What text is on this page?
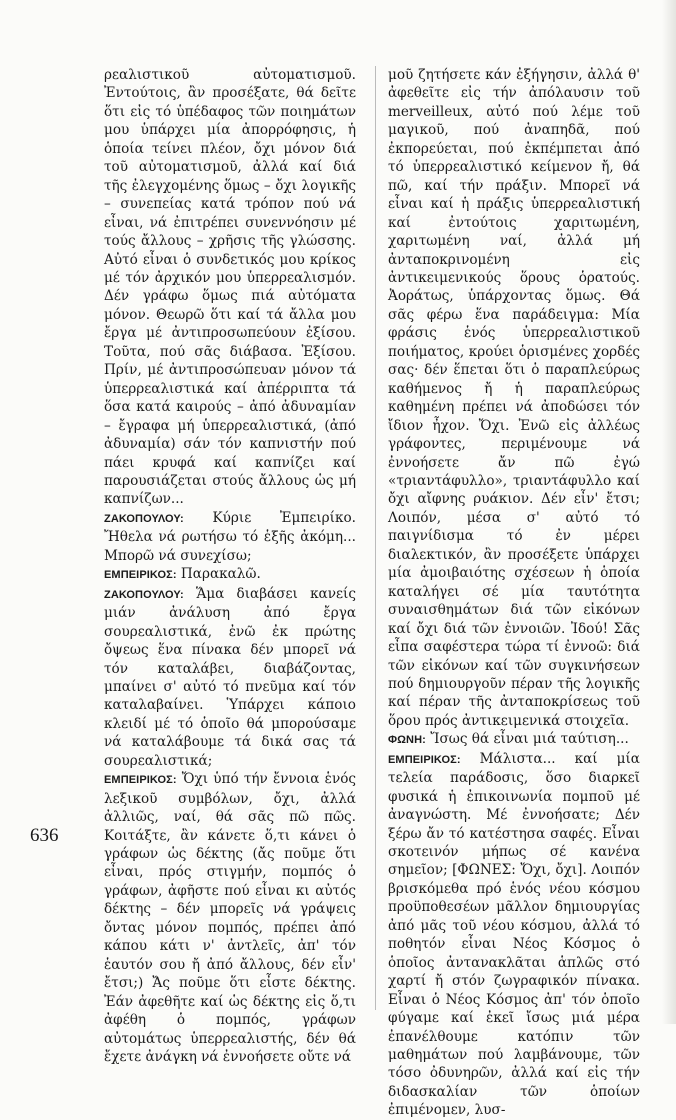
ρεαλιστικοῦ αὐτοματισμοῦ. Ἐντούτοις, ἂν προσέξατε, θά δεῖτε ὅτι εἰς τό ὑπέδαφος τῶν ποιημάτων μου ὑπάρχει μία ἀπορρόφησις, ἡ ὁποία τείνει πλέον, ὄχι μόνον διά τοῦ αὐτοματισμοῦ, ἀλλά καί διά τῆς ἐλεγχομένης ὅμως – ὄχι λογικῆς – συνεπείας κατά τρόπον πού νά εἶναι, νά ἐπιτρέπει συνεννόησιν μέ τούς ἄλλους – χρῆσις τῆς γλώσσης. Αὐτό εἶναι ὁ συνδετικός μου κρίκος μέ τόν ἀρχικόν μου ὑπερρεαλισμόν. Δέν γράφω ὅμως πιά αὐτόματα μόνον. Θεωρῶ ὅτι καί τά ἄλλα μου ἔργα μέ ἀντιπροσωπεύουν ἐξίσου. Τοῦτα, πού σᾶς διάβασα. Ἐξίσου. Πρίν, μέ ἀντιπροσώπευαν μόνον τά ὑπερρεαλιστικά καί ἀπέρριπτα τά ὅσα κατά καιρούς – ἀπό ἀδυναμίαν – ἔγραφα μή ὑπερρεαλιστικά, (ἀπό ἀδυναμία) σάν τόν καπνιστήν πού πάει κρυφά καί καπνίζει καί παρουσιάζεται στούς ἄλλους ὡς μή καπνίζων...

ΖΑΚΟΠΟΥΛΟΥ: Κύριε Ἐμπειρίκο. Ἤθελα νά ρωτήσω τό ἑξῆς ἀκόμη... Μπορῶ νά συνεχίσω;

ΕΜΠΕΙΡΙΚΟΣ: Παρακαλῶ.

ΖΑΚΟΠΟΥΛΟΥ: Ἅμα διαβάσει κανείς μιάν ἀνάλυση ἀπό ἔργα σουρεαλιστικά, ἐνῶ ἐκ πρώτης ὄψεως ἕνα πίνακα δέν μπορεῖ νά τόν καταλάβει, διαβάζοντας, μπαίνει σ' αὐτό τό πνεῦμα καί τόν καταλαβαίνει. Ὑπάρχει κάποιο κλειδί μέ τό ὁποῖο θά μπορούσαμε νά καταλάβουμε τά δικά σας τά σουρεαλιστικά;

ΕΜΠΕΙΡΙΚΟΣ: Ὄχι ὑπό τήν ἔννοια ἑνός λεξικοῦ συμβόλων, ὄχι, ἀλλά ἀλλιῶς, ναί, θά σᾶς πῶ πῶς. Κοιτάξτε, ἂν κάνετε ὅ,τι κάνει ὁ γράφων ὡς δέκτης (ἄς ποῦμε ὅτι εἶναι, πρός στιγμήν, πομπός ὁ γράφων, ἀφῆστε πού εἶναι κι αὐτός δέκτης – δέν μπορεῖς νά γράψεις ὄντας μόνον πομπός, πρέπει ἀπό κάπου κάτι ν' ἀντλεῖς, ἀπ' τόν ἑαυτόν σου ἤ ἀπό ἄλλους, δέν εἶν' ἔτσι;) Ἄς ποῦμε ὅτι εἶστε δέκτης. Ἐάν ἀφεθῆτε καί ὡς δέκτης εἰς ὅ,τι ἀφέθη ὁ πομπός, γράφων αὐτομάτως ὑπερρεαλιστής, δέν θά ἔχετε ἀνάγκη νά ἐννοήσετε οὔτε νά

μοῦ ζητήσετε κάν ἐξήγησιν, ἀλλά θ' ἀφεθεῖτε εἰς τήν ἀπόλαυσιν τοῦ merveilleux, αὐτό πού λέμε τοῦ μαγικοῦ, πού ἀναπηδᾶ, πού ἐκπορεύεται, πού ἐκπέμπεται ἀπό τό ὑπερρεαλιστικό κείμενον ἤ, θά πῶ, καί τήν πράξιν. Μπορεῖ νά εἶναι καί ἡ πράξις ὑπερρεαλιστική καί ἐντούτοις χαριτωμένη, χαριτωμένη ναί, ἀλλά μή ἀνταποκρινομένη εἰς ἀντικειμενικούς ὅρους ὁρατούς. Ἀοράτως, ὑπάρχοντας ὅμως. Θά σᾶς φέρω ἕνα παράδειγμα: Μία φράσις ἑνός ὑπερρεαλιστικοῦ ποιήματος, κρούει ὁρισμένες χορδές σας· δέν ἕπεται ὅτι ὁ παραπλεύρως καθήμενος ἤ ἡ παραπλεύρως καθημένη πρέπει νά ἀποδώσει τόν ἴδιον ἦχον. Ὄχι. Ἐνῶ εἰς ἀλλέως γράφοντες, περιμένουμε νά ἐννοήσετε ἄν πῶ ἐγώ «τριαντάφυλλο», τριαντάφυλλο καί ὄχι αἴφνης ρυάκιον. Δέν εἶν' ἔτσι; Λοιπόν, μέσα σ' αὐτό τό παιγνίδισμα τό ἐν μέρει διαλεκτικόν, ἂν προσέξετε ὑπάρχει μία ἀμοιβαιότης σχέσεων ἡ ὁποία καταλήγει σέ μία ταυτότητα συναισθημάτων διά τῶν εἰκόνων καί ὄχι διά τῶν ἐννοιῶν. Ἰδού! Σᾶς εἶπα σαφέστερα τώρα τί ἐννοῶ: διά τῶν εἰκόνων καί τῶν συγκινήσεων πού δημιουργοῦν πέραν τῆς λογικῆς καί πέραν τῆς ἀνταποκρίσεως τοῦ ὅρου πρός ἀντικειμενικά στοιχεῖα.

ΦΩΝΗ: Ἴσως θά εἶναι μιά ταύτιση...

ΕΜΠΕΙΡΙΚΟΣ: Μάλιστα... καί μία τελεία παράδοσις, ὅσο διαρκεῖ φυσικά ἡ ἐπικοινωνία πομποῦ μέ ἀναγνώστη. Μέ ἐννοήσατε; Δέν ξέρω ἄν τό κατέστησα σαφές. Εἶναι σκοτεινόν μήπως σέ κανένα σημεῖον; [ΦΩΝΕΣ: Ὄχι, ὄχι]. Λοιπόν βρισκόμεθα πρό ἑνός νέου κόσμου προϋποθεσέων μᾶλλον δημιουργίας ἀπό μᾶς τοῦ νέου κόσμου, ἀλλά τό ποθητόν εἶναι Νέος Κόσμος ὁ ὁποῖος ἀντανακλᾶται ἁπλῶς στό χαρτί ἤ στόν ζωγραφικόν πίνακα. Εἶναι ὁ Νέος Κόσμος ἀπ' τόν ὁποῖο φύγαμε καί ἐκεῖ ἴσως μιά μέρα ἐπανέλθουμε κατόπιν τῶν μαθημάτων πού λαμβάνουμε, τῶν τόσο ὀδυνηρῶν, ἀλλά καί εἰς τήν διδασκαλίαν τῶν ὁποίων ἐπιμένομεν, λυσ-

636
